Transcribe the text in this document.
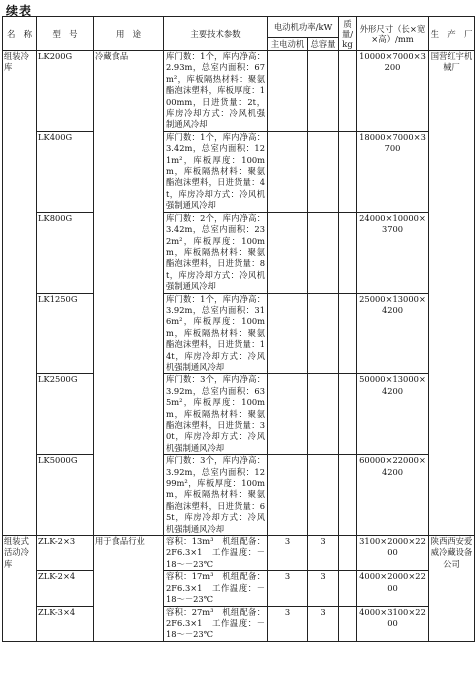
续表
名　称	型　号	用　途	主要技术参数	电动机功率/kW		质量/kg	外形尺寸（长×宽×高）/mm	生　产　厂
				主电动机	总容量			
组装冷库	LK200G	冷藏食品	库门数：1个，库内净高：2.93m，总室内面积：67m²，库板隔热材料：聚氨酯泡沫塑料，库板厚度：100mm，日进货量：2t，库房冷却方式：冷风机强制通风冷却				10000×7000×3200	国营红宇机械厂
	LK400G		库门数：1个，库内净高：3.42m，总室内面积：121m²，库板厚度：100mm，库板隔热材料：聚氨酯泡沫塑料，日进货量：4t，库房冷却方式：冷风机强制通风冷却				18000×7000×3700	
	LK800G		库门数：2个，库内净高：3.42m，总室内面积：232m²，库板厚度：100mm，库板隔热材料：聚氨酯泡沫塑料，日进货量：8t，库房冷却方式：冷风机强制通风冷却				24000×10000×3700	
	LK1250G		库门数：1个，库内净高：3.92m，总室内面积：316m²，库板厚度：100mm，库板隔热材料：聚氨酯泡沫塑料，日进货量：14t，库房冷却方式：冷风机强制通风冷却				25000×13000×4200	
	LK2500G		库门数：3个，库内净高：3.92m，总室内面积：635m²，库板厚度：100mm，库板隔热材料：聚氨酯泡沫塑料，日进货量：30t，库房冷却方式：冷风机强制通风冷却				50000×13000×4200	
	LK5000G		库门数：3个，库内净高：3.92m，总室内面积：1299m²，库板厚度：100mm，库板隔热材料：聚氨酯泡沫塑料，日进货量：65t，库房冷却方式：冷风机强制通风冷却				60000×22000×4200	
组装式活动冷库	ZLK-2×3	用于食品行业	容积：13m³　机组配备：2F6.3×1　工作温度：－18～－23℃	3	3		3100×2000×2200	陕西西安爱威冷藏设备公司
	ZLK-2×4		容积：17m³　机组配备：2F6.3×1　工作温度：－18～－23℃	3	3		4000×2000×2200	
	ZLK-3×4		容积：27m³　机组配备：2F6.3×1　工作温度：－18～－23℃	3	3		4000×3100×2200	
